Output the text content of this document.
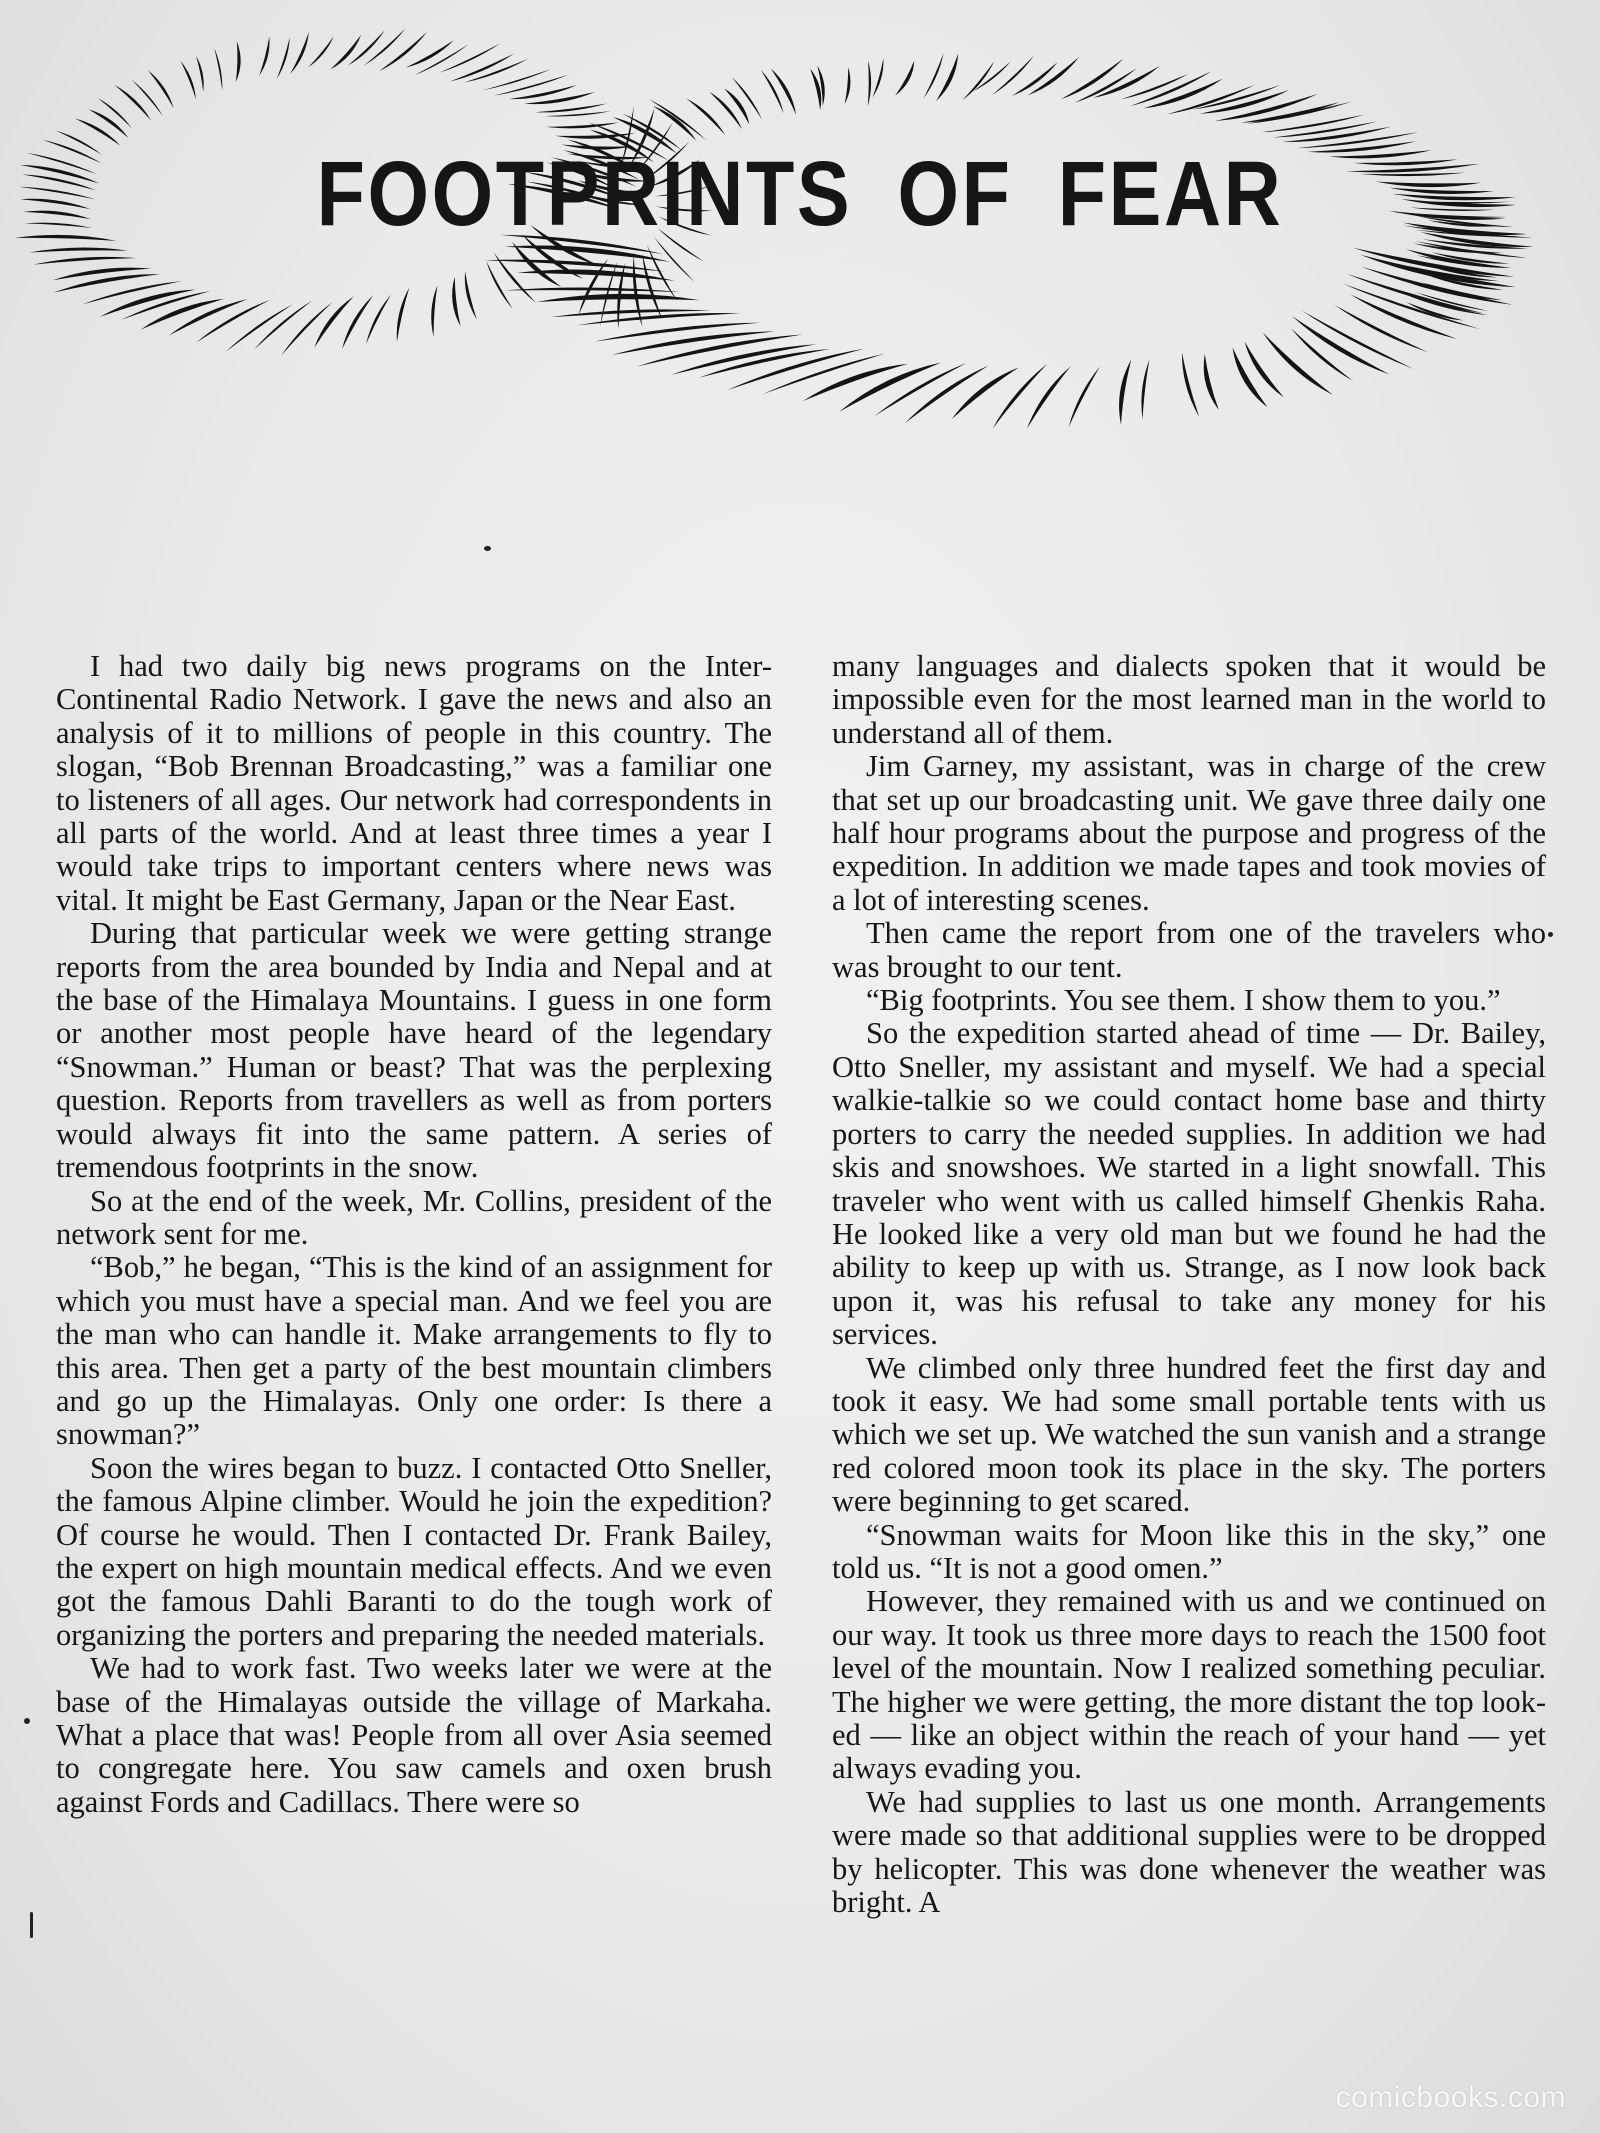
FOOTPRINTS OF FEAR

I had two daily big news programs on the Inter-Continental Radio Network. I gave the news and also an analysis of it to millions of people in this country. The slogan, “Bob Brennan Broadcasting,” was a familiar one to listeners of all ages. Our network had correspondents in all parts of the world. And at least three times a year I would take trips to important centers where news was vital. It might be East Germany, Japan or the Near East.

During that particular week we were getting strange reports from the area bounded by India and Nepal and at the base of the Himalaya Mountains. I guess in one form or another most people have heard of the legendary “Snowman.” Human or beast? That was the perplexing question. Reports from travellers as well as from porters would always fit into the same pattern. A series of tremendous footprints in the snow.

So at the end of the week, Mr. Collins, president of the network sent for me.

“Bob,” he began, “This is the kind of an assignment for which you must have a special man. And we feel you are the man who can handle it. Make arrangements to fly to this area. Then get a party of the best mountain climbers and go up the Himalayas. Only one order: Is there a snowman?”

Soon the wires began to buzz. I contacted Otto Sneller, the famous Alpine climber. Would he join the expedition? Of course he would. Then I contacted Dr. Frank Bailey, the expert on high mountain medical effects. And we even got the famous Dahli Baranti to do the tough work of organizing the porters and preparing the needed materials.

We had to work fast. Two weeks later we were at the base of the Himalayas outside the village of Markaha. What a place that was! People from all over Asia seemed to congregate here. You saw camels and oxen brush against Fords and Cadillacs. There were so

many languages and dialects spoken that it would be impossible even for the most learned man in the world to understand all of them.

Jim Garney, my assistant, was in charge of the crew that set up our broadcasting unit. We gave three daily one half hour programs about the purpose and progress of the expedition. In addition we made tapes and took movies of a lot of interesting scenes.

Then came the report from one of the travelers who was brought to our tent.

“Big footprints. You see them. I show them to you.”

So the expedition started ahead of time — Dr. Bailey, Otto Sneller, my assistant and myself. We had a special walkie-talkie so we could contact home base and thirty porters to carry the needed supplies. In addition we had skis and snowshoes. We started in a light snowfall. This traveler who went with us called himself Ghenkis Raha. He looked like a very old man but we found he had the ability to keep up with us. Strange, as I now look back upon it, was his refusal to take any money for his services.

We climbed only three hundred feet the first day and took it easy. We had some small portable tents with us which we set up. We watched the sun vanish and a strange red colored moon took its place in the sky. The porters were beginning to get scared.

“Snowman waits for Moon like this in the sky,” one told us. “It is not a good omen.”

However, they remained with us and we continued on our way. It took us three more days to reach the 1500 foot level of the mountain. Now I realized something peculiar. The higher we were getting, the more distant the top looked — like an object within the reach of your hand — yet always evading you.

We had supplies to last us one month. Arrangements were made so that additional supplies were to be dropped by helicopter. This was done whenever the weather was bright. A

comicbooks.com
